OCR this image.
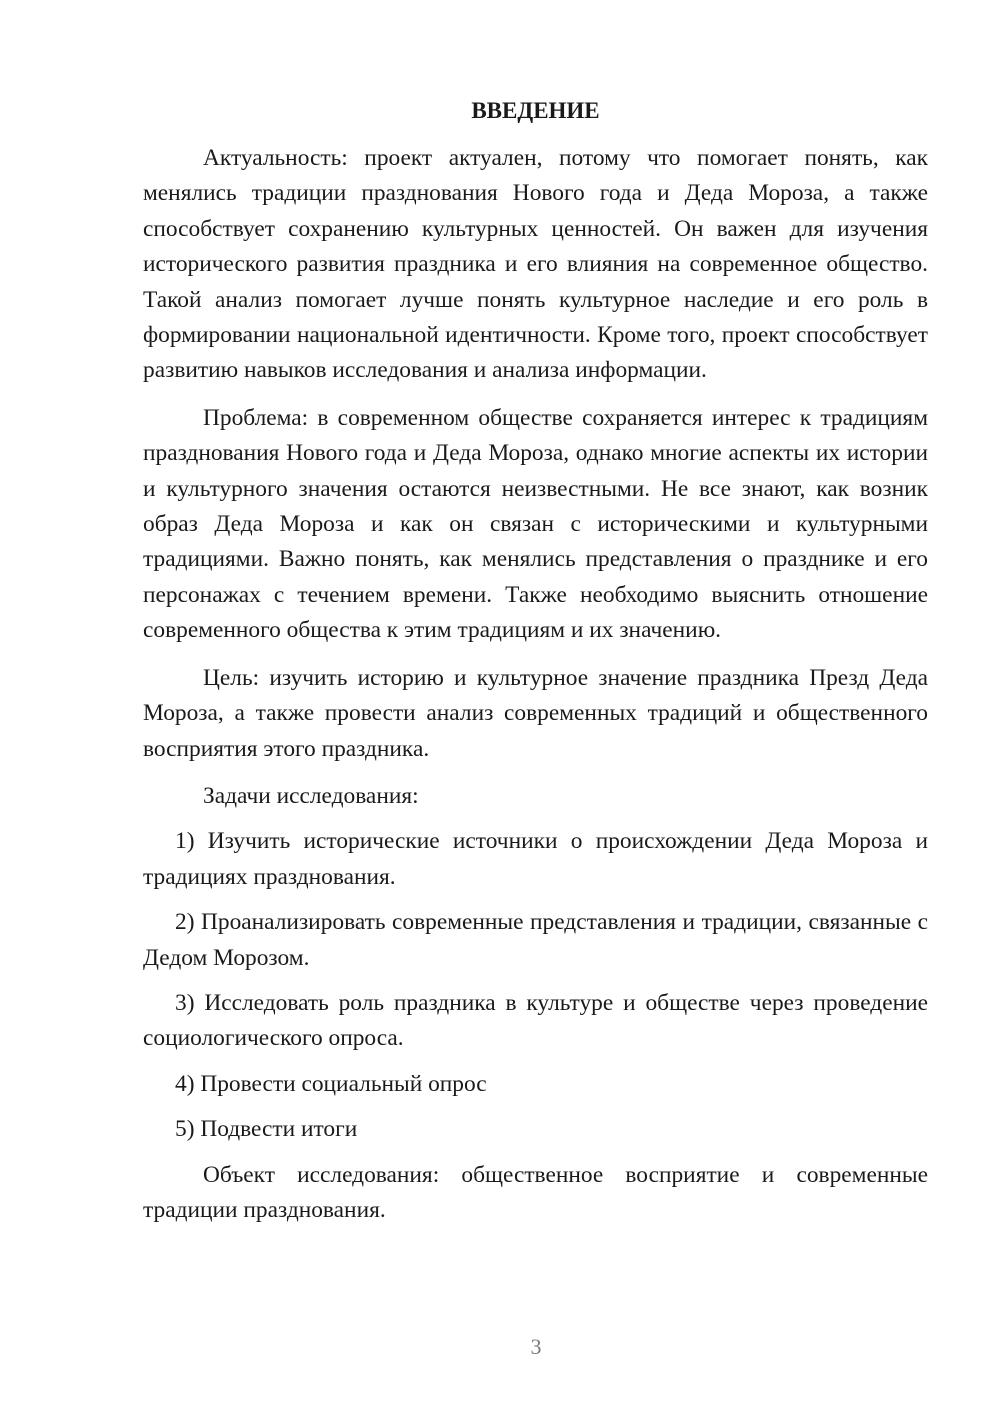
ВВЕДЕНИЕ

Актуальность: проект актуален, потому что помогает понять, как менялись традиции празднования Нового года и Деда Мороза, а также способствует сохранению культурных ценностей. Он важен для изучения исторического развития праздника и его влияния на современное общество. Такой анализ помогает лучше понять культурное наследие и его роль в формировании национальной идентичности. Кроме того, проект способствует развитию навыков исследования и анализа информации.

Проблема: в современном обществе сохраняется интерес к традициям празднования Нового года и Деда Мороза, однако многие аспекты их истории и культурного значения остаются неизвестными. Не все знают, как возник образ Деда Мороза и как он связан с историческими и культурными традициями. Важно понять, как менялись представления о празднике и его персонажах с течением времени. Также необходимо выяснить отношение современного общества к этим традициям и их значению.

Цель: изучить историю и культурное значение праздника Презд Деда Мороза, а также провести анализ современных традиций и общественного восприятия этого праздника.

Задачи исследования:

1) Изучить исторические источники о происхождении Деда Мороза и традициях празднования.

2) Проанализировать современные представления и традиции, связанные с Дедом Морозом.

3) Исследовать роль праздника в культуре и обществе через проведение социологического опроса.

4) Провести социальный опрос

5) Подвести итоги

Объект исследования: общественное восприятие и современные традиции празднования.

3
